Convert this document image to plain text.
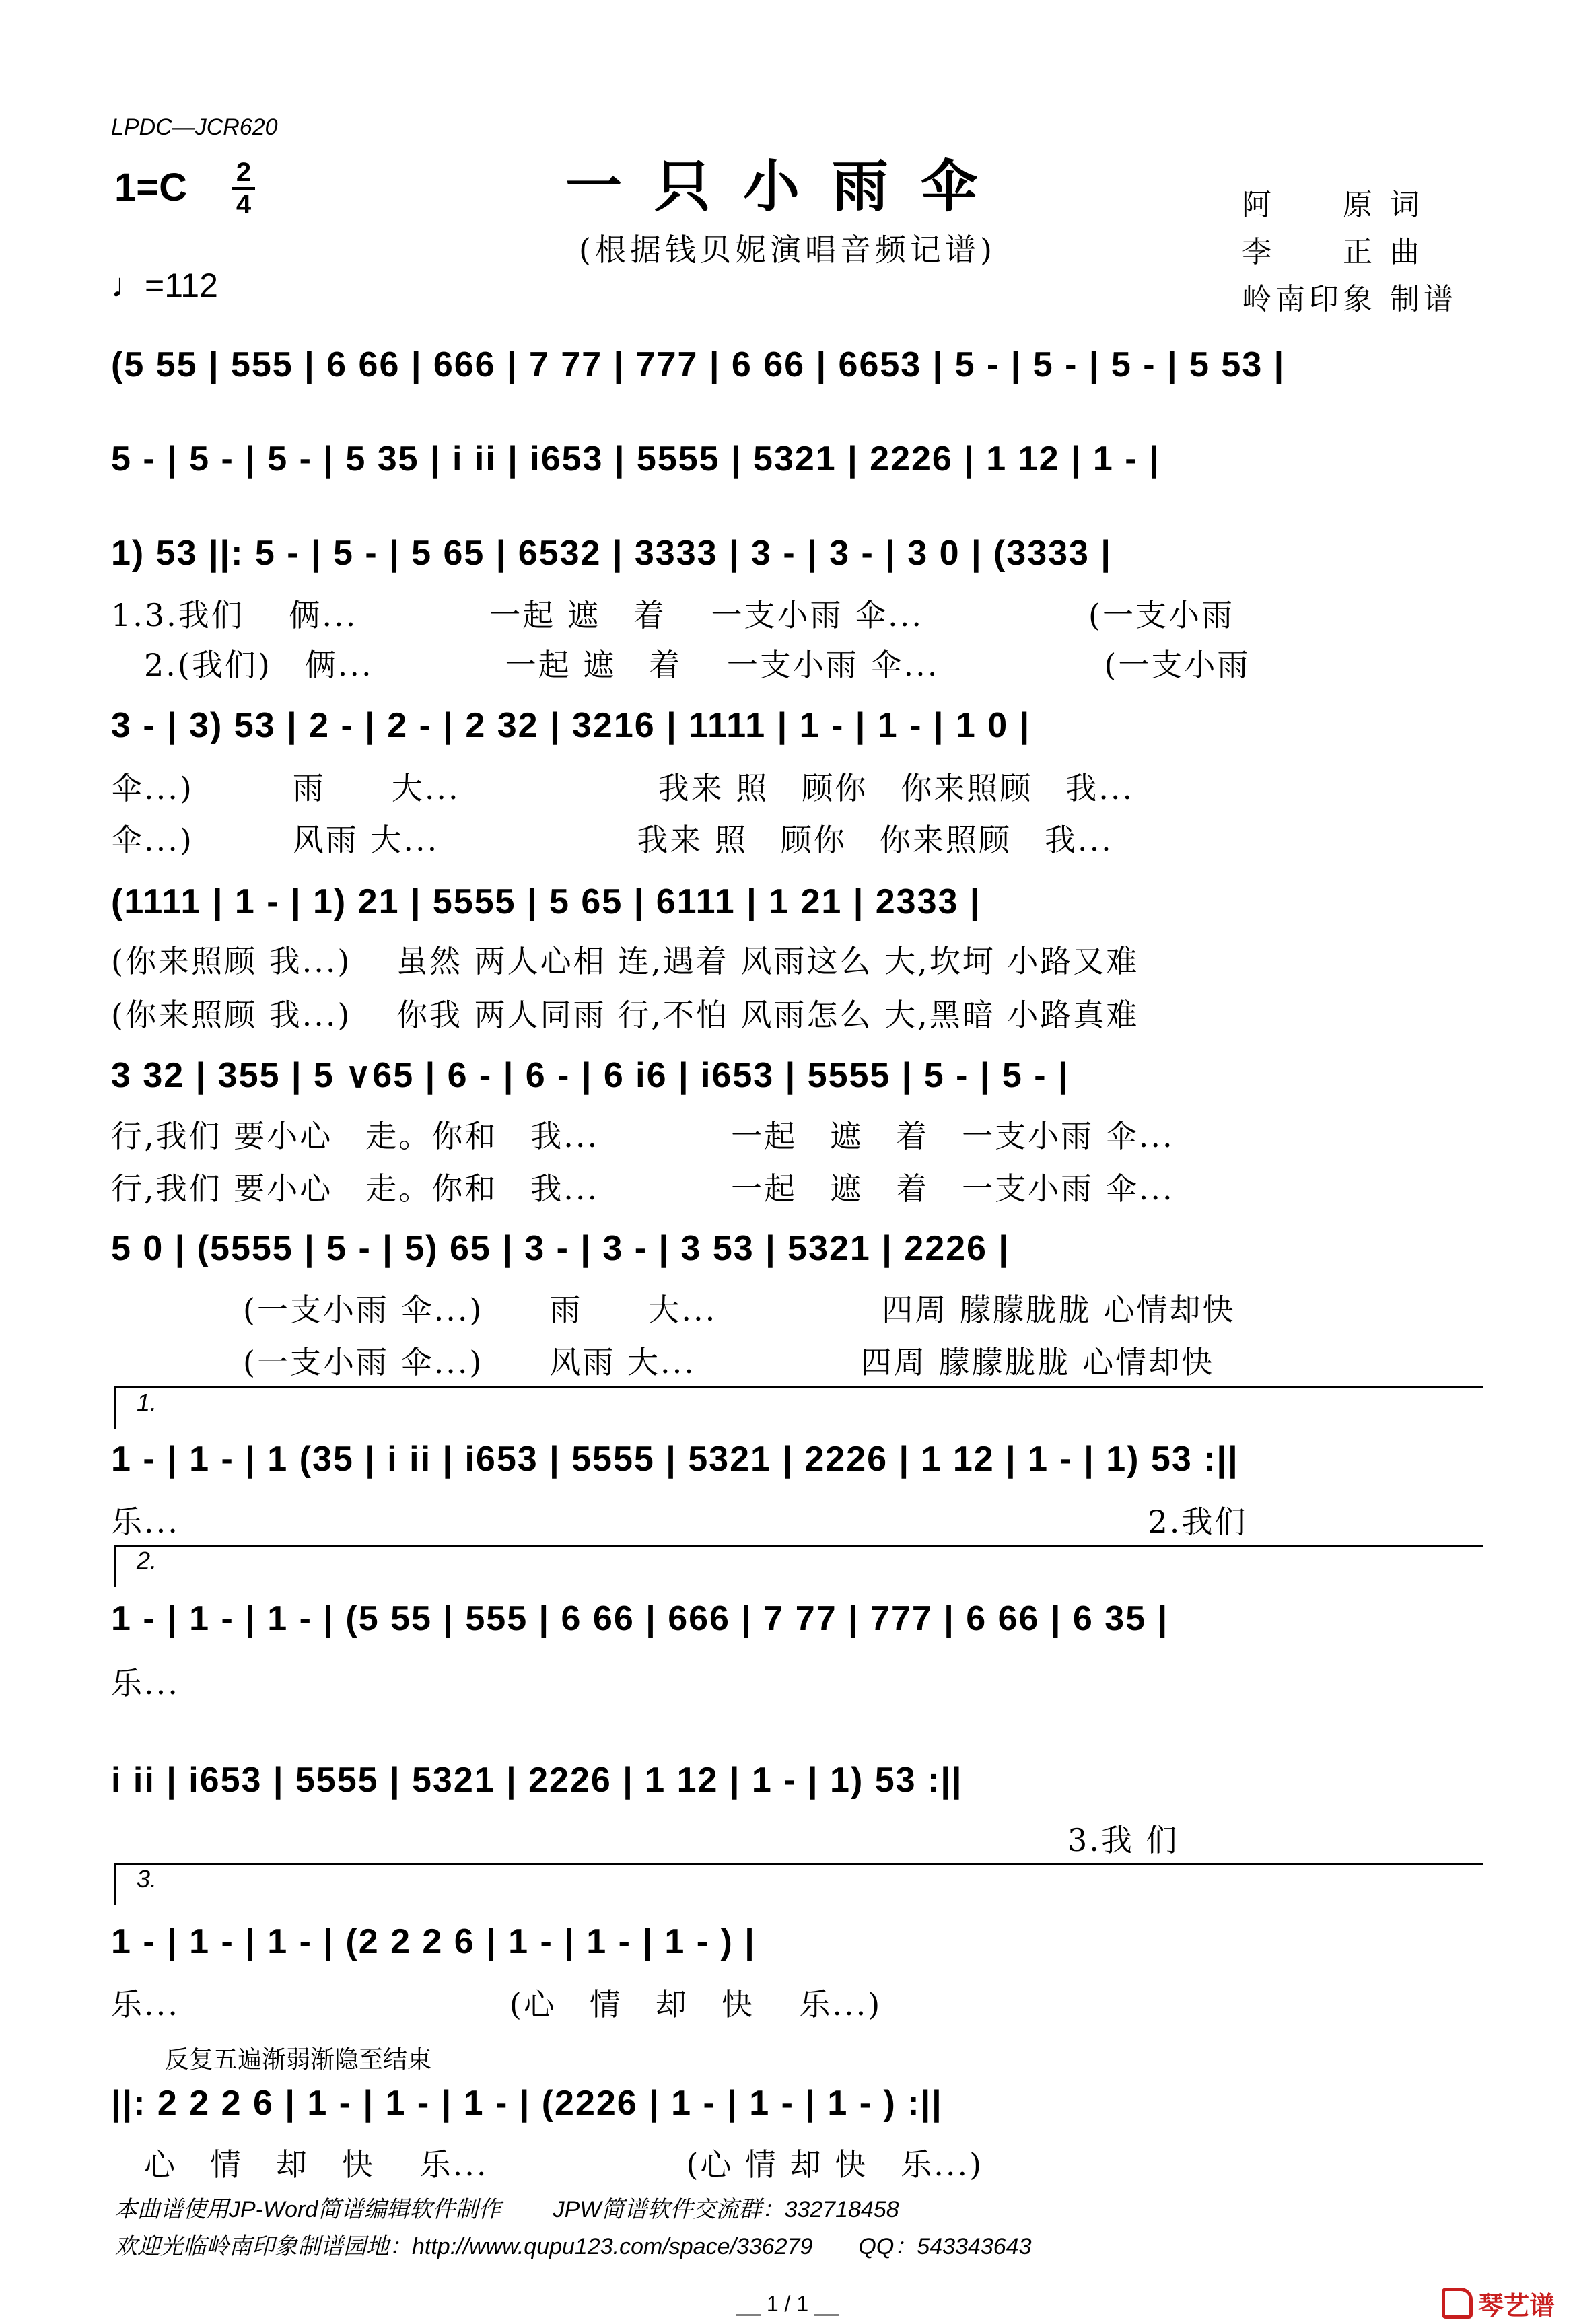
LPDC—JCR620
一只小雨伞
(根据钱贝妮演唱音频记谱)
1=C 2
4
♩=112
阿　　原 词
李　　正 曲
岭南印象 制谱
(5 55 | 555 | 6 66 | 666 | 7 77 | 777 | 6 66 | 6653 | 5 - | 5 - | 5 - | 5 53 |
5 - | 5 - | 5 - | 5 35 | i ii | i653 | 5555 | 5321 | 2226 | 1 12 | 1 - |
1) 53 ||: 5 - | 5 - | 5 65 | 6532 | 3333 | 3 - | 3 - | 3 0 | (3333 |
1.3.我们　 俩...　　　　一起 遮　着　 一支小雨 伞...　　　　　(一支小雨
　2.(我们)　俩...　　　　一起 遮　着　 一支小雨 伞...　　　　　(一支小雨
3 - | 3) 53 | 2 - | 2 - | 2 32 | 3216 | 1111 | 1 - | 1 - | 1 0 |
伞...)　　　雨　　大...　　　　　　我来 照　顾你　你来照顾　我...
伞...)　　　风雨 大...　　　　　　我来 照　顾你　你来照顾　我...
(1111 | 1 - | 1) 21 | 5555 | 5 65 | 6111 | 1 21 | 2333 |
(你来照顾 我...)　 虽然 两人心相 连,遇着 风雨这么 大,坎坷 小路又难
(你来照顾 我...)　 你我 两人同雨 行,不怕 风雨怎么 大,黑暗 小路真难
3 32 | 355 | 5 ∨65 | 6 - | 6 - | 6 i6 | i653 | 5555 | 5 - | 5 - |
行,我们 要小心　走。你和　我...　　　　一起　遮　着　一支小雨 伞...
行,我们 要小心　走。你和　我...　　　　一起　遮　着　一支小雨 伞...
5 0 | (5555 | 5 - | 5) 65 | 3 - | 3 - | 3 53 | 5321 | 2226 |
　　　　(一支小雨 伞...)　　雨　　大...　　　　　四周 朦朦胧胧 心情却快
　　　　(一支小雨 伞...)　　风雨 大...　　　　　四周 朦朦胧胧 心情却快
1.
1 - | 1 - | 1 (35 | i ii | i653 | 5555 | 5321 | 2226 | 1 12 | 1 - | 1) 53 :||
乐...　　　　　　　　　　　　　　　　　　　　　　　　　　　　　 2.我们
2.
1 - | 1 - | 1 - | (5 55 | 555 | 6 66 | 666 | 7 77 | 777 | 6 66 | 6 35 |
乐...
i ii | i653 | 5555 | 5321 | 2226 | 1 12 | 1 - | 1) 53 :||
　　　　　　　　　　　　　　　　　　　　　　　　　　　　　3.我 们
3.
1 - | 1 - | 1 - | (2 2 2 6 | 1 - | 1 - | 1 - ) |
乐...　　　　　　　　　　(心　情　却　快　 乐...)
反复五遍渐弱渐隐至结束
||: 2 2 2 6 | 1 - | 1 - | 1 - | (2226 | 1 - | 1 - | 1 - ) :||
　心　情　却　快　 乐...　　　　　　(心 情 却 快　乐...)
本曲谱使用JP-Word简谱编辑软件制作　　 JPW简谱软件交流群：332718458
欢迎光临岭南印象制谱园地：http://www.qupu123.com/space/336279　　QQ：543343643
__ 1 / 1 __	琴艺谱
